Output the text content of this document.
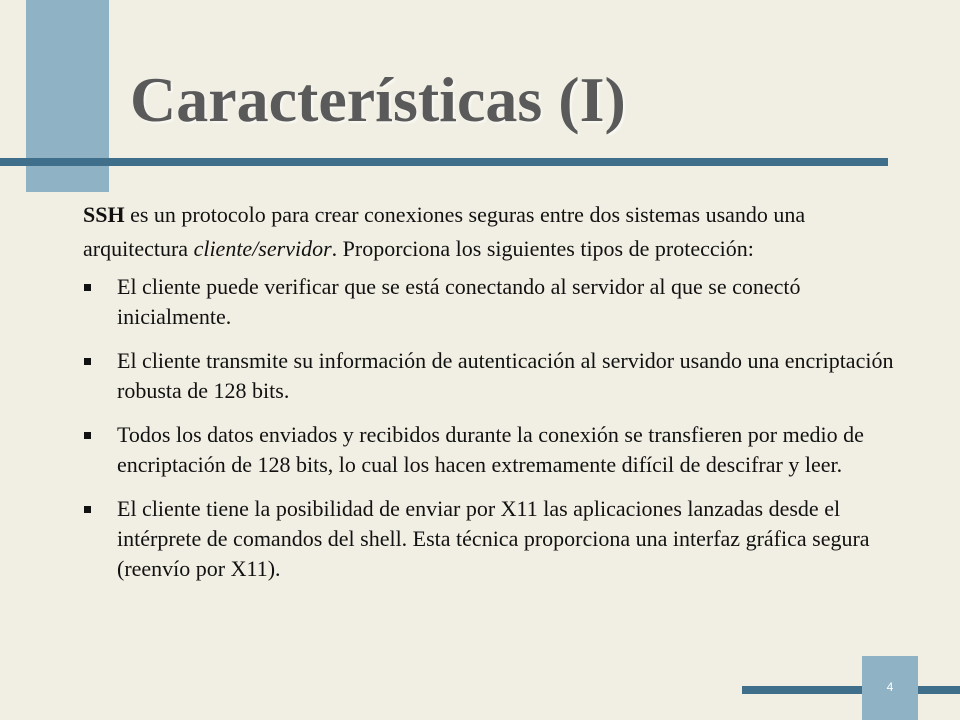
Características (I)

SSH es un protocolo para crear conexiones seguras entre dos sistemas usando una arquitectura cliente/servidor. Proporciona los siguientes tipos de protección:

El cliente puede verificar que se está conectando al servidor al que se conectó inicialmente.
El cliente transmite su información de autenticación al servidor usando una encriptación robusta de 128 bits.
Todos los datos enviados y recibidos durante la conexión se transfieren por medio de encriptación de 128 bits, lo cual los hacen extremamente difícil de descifrar y leer.
El cliente tiene la posibilidad de enviar por X11 las aplicaciones lanzadas desde el intérprete de comandos del shell. Esta técnica proporciona una interfaz gráfica segura (reenvío por X11).
4
